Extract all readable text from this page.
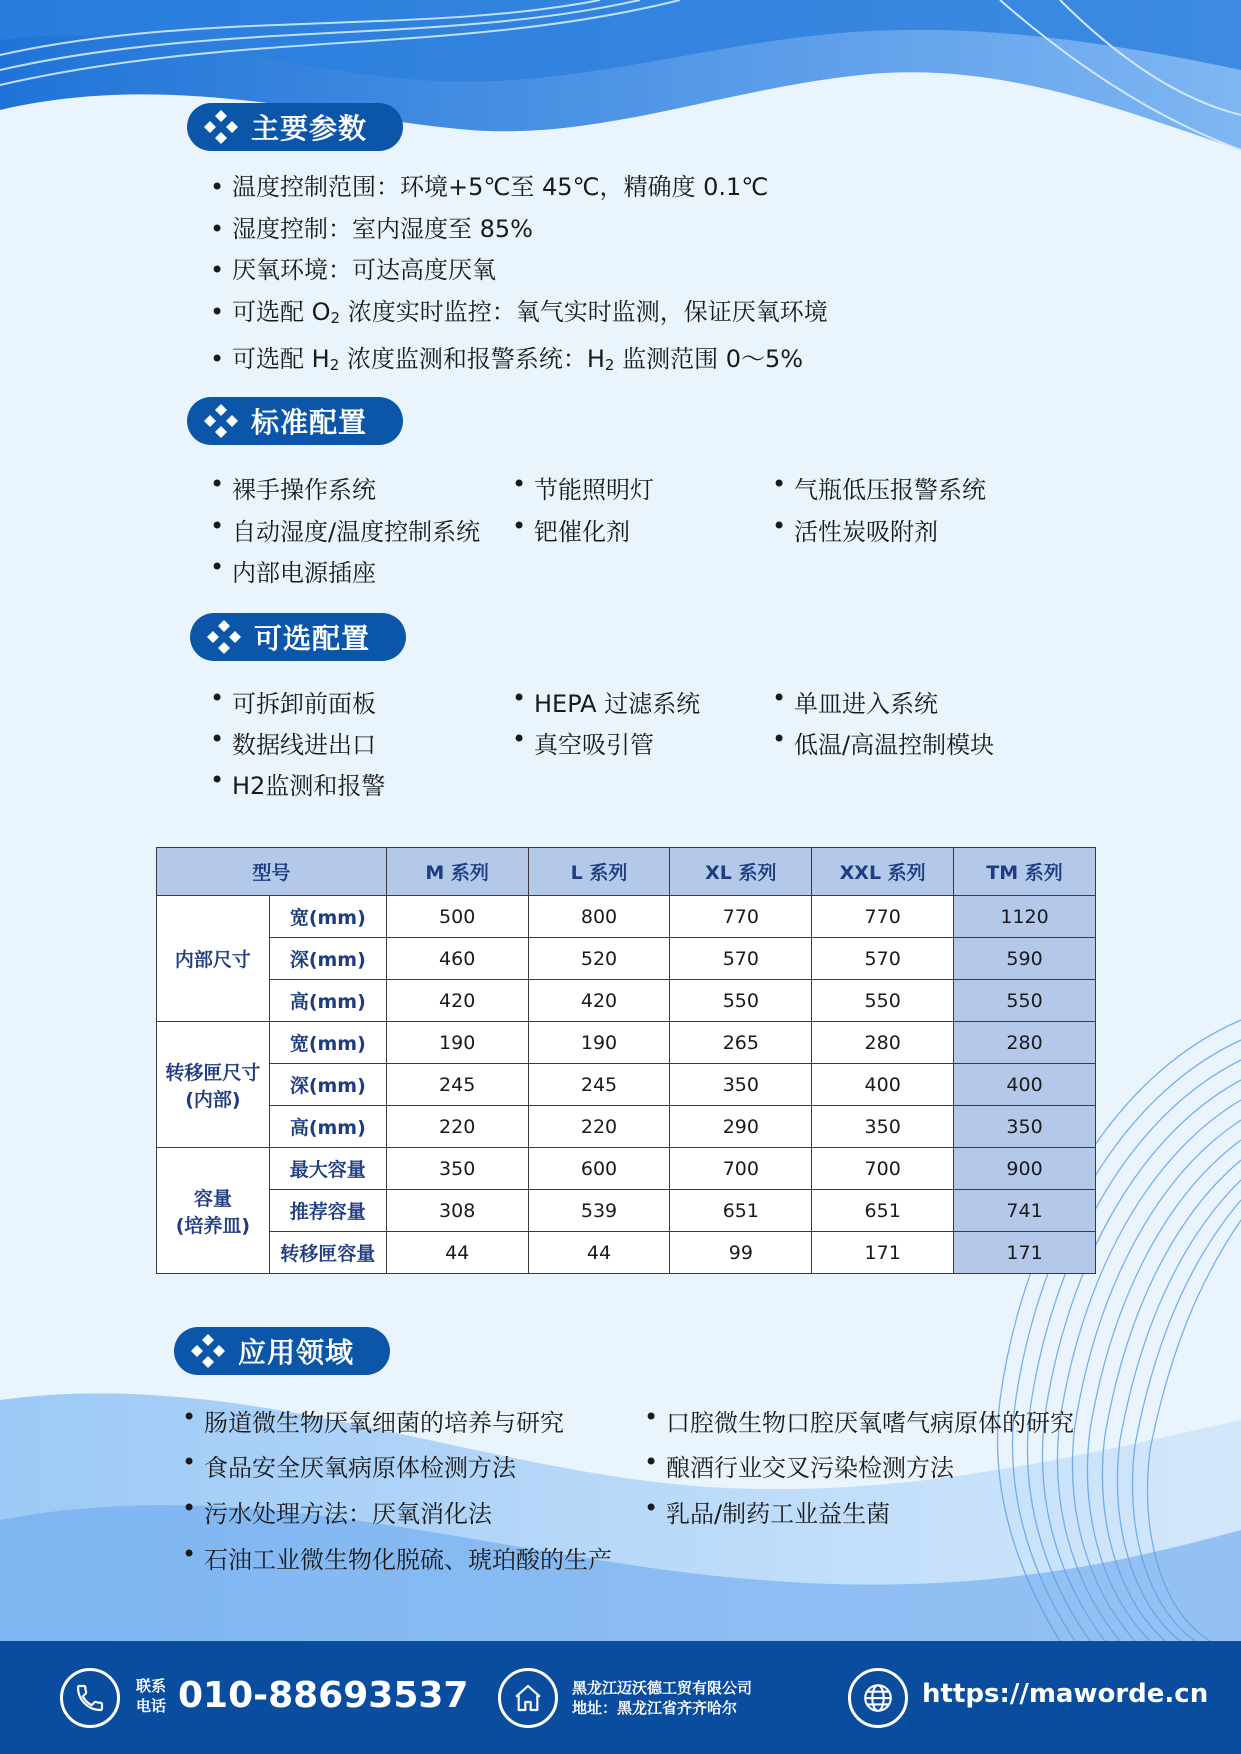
主要参数
• 温度控制范围：环境+5℃至 45℃，精确度 0.1℃
• 湿度控制：室内湿度至 85%
• 厌氧环境：可达高度厌氧
• 可选配 $O_2$ 浓度实时监控：氧气实时监测，保证厌氧环境
• 可选配 $H_2$ 浓度监测和报警系统：$H_2$ 监测范围 0～5%
标准配置
• 裸手操作系统	• 节能照明灯	• 气瓶低压报警系统
• 自动湿度/温度控制系统	• 钯催化剂	• 活性炭吸附剂
• 内部电源插座
可选配置
• 可拆卸前面板	• HEPA 过滤系统	• 单皿进入系统
• 数据线进出口	• 真空吸引管	• 低温/高温控制模块
• H2监测和报警
型号		M 系列	L 系列	XL 系列	XXL 系列	TM 系列
内部尺寸	宽(mm)	500	800	770	770	1120
	深(mm)	460	520	570	570	590
	高(mm)	420	420	550	550	550
转移匣尺寸
(内部)	宽(mm)	190	190	265	280	280
	深(mm)	245	245	350	400	400
	高(mm)	220	220	290	350	350
容量
(培养皿)	最大容量	350	600	700	700	900
	推荐容量	308	539	651	651	741
	转移匣容量	44	44	99	171	171
应用领域
• 肠道微生物厌氧细菌的培养与研究
• 食品安全厌氧病原体检测方法
• 污水处理方法：厌氧消化法
• 石油工业微生物化脱硫、琥珀酸的生产
• 口腔微生物口腔厌氧嗜气病原体的研究
• 酿酒行业交叉污染检测方法
• 乳品/制药工业益生菌
联系
电话 010-88693537	黑龙江迈沃德工贸有限公司
地址：黑龙江省齐齐哈尔	https://maworde.cn
